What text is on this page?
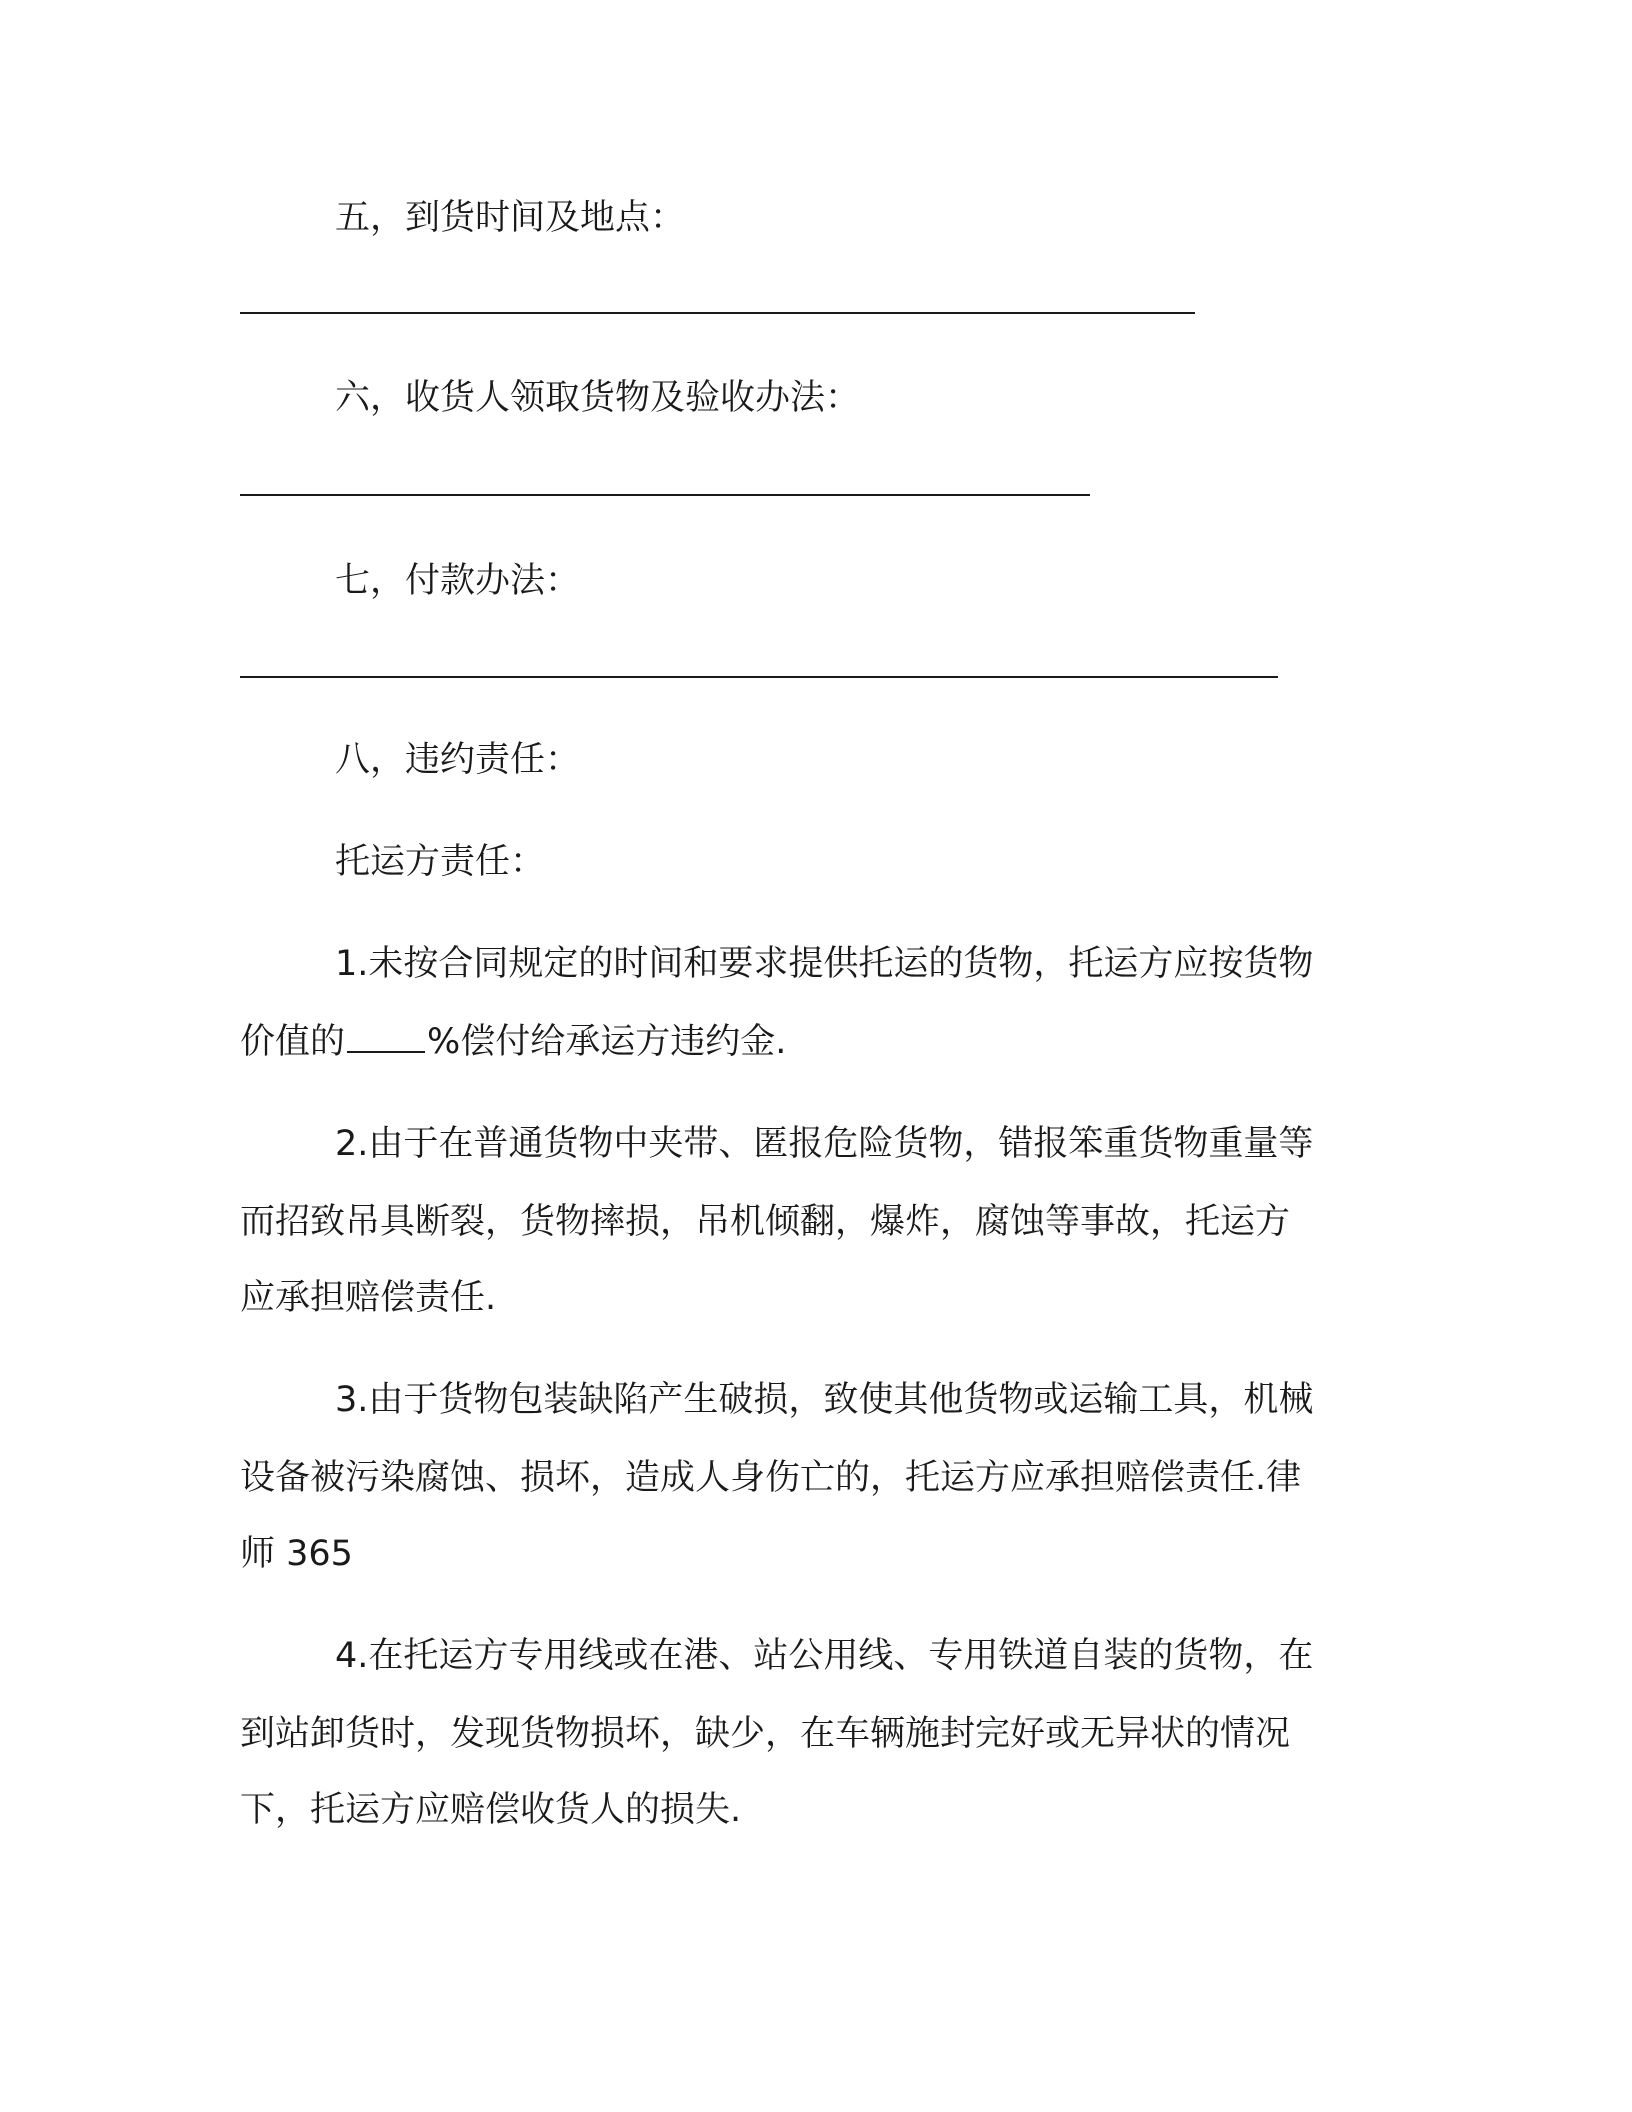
五，到货时间及地点：
六，收货人领取货物及验收办法：
七，付款办法：
八，违约责任：
托运方责任：
1.未按合同规定的时间和要求提供托运的货物，托运方应按货物
价值的 %偿付给承运方违约金.
2.由于在普通货物中夹带、匿报危险货物，错报笨重货物重量等
而招致吊具断裂，货物摔损，吊机倾翻，爆炸，腐蚀等事故，托运方
应承担赔偿责任.
3.由于货物包装缺陷产生破损，致使其他货物或运输工具，机械
设备被污染腐蚀、损坏，造成人身伤亡的，托运方应承担赔偿责任.律
师 365
4.在托运方专用线或在港、站公用线、专用铁道自装的货物，在
到站卸货时，发现货物损坏，缺少，在车辆施封完好或无异状的情况
下，托运方应赔偿收货人的损失.
